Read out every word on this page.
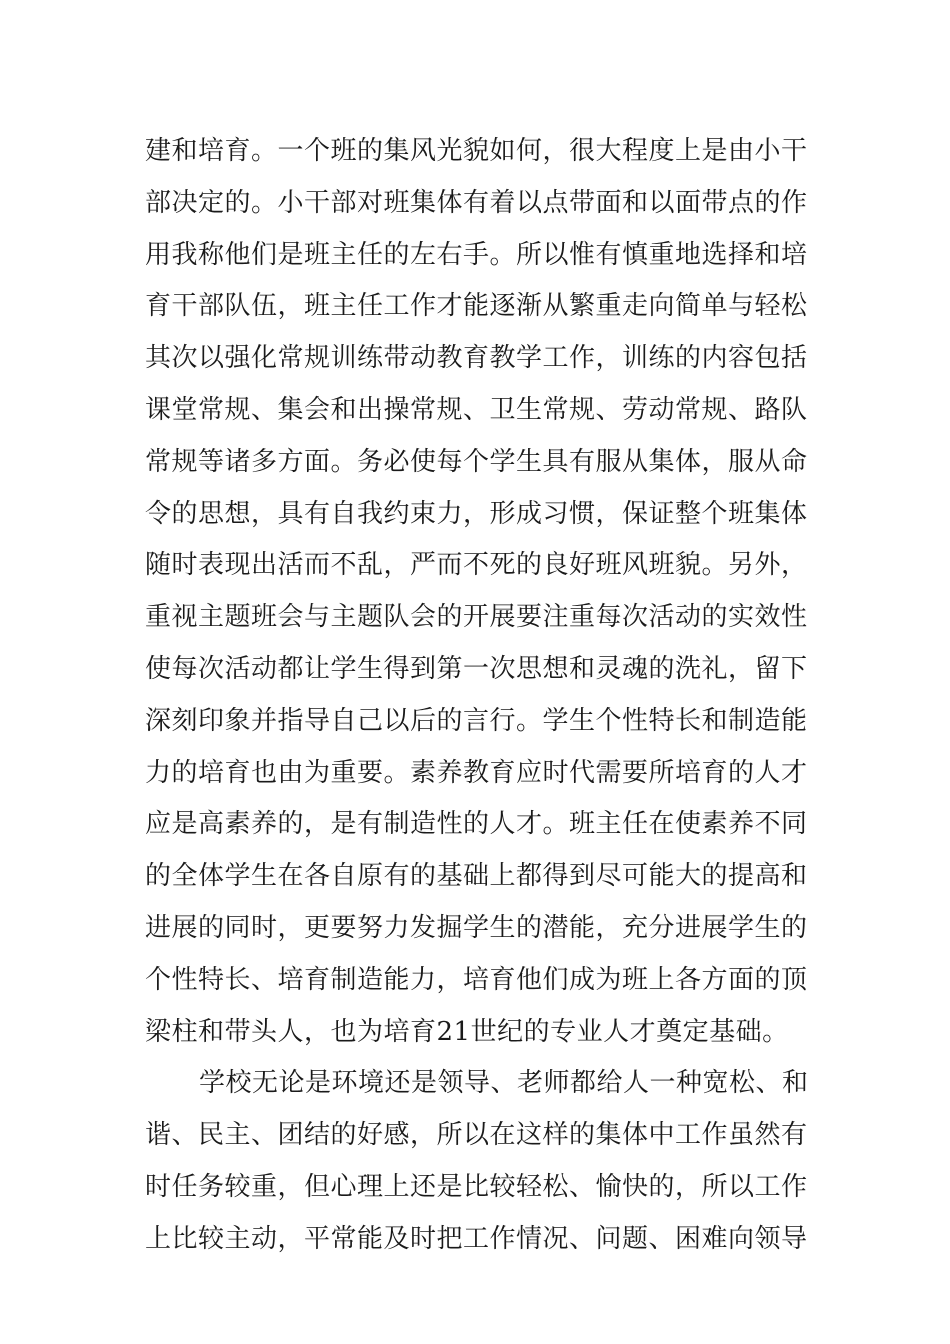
建和培育。一个班的集风光貌如何，很大程度上是由小干
部决定的。小干部对班集体有着以点带面和以面带点的作
用我称他们是班主任的左右手。所以惟有慎重地选择和培
育干部队伍，班主任工作才能逐渐从繁重走向简单与轻松
其次以强化常规训练带动教育教学工作，训练的内容包括
课堂常规、集会和出操常规、卫生常规、劳动常规、路队
常规等诸多方面。务必使每个学生具有服从集体，服从命
令的思想，具有自我约束力，形成习惯，保证整个班集体
随时表现出活而不乱，严而不死的良好班风班貌。另外，
重视主题班会与主题队会的开展要注重每次活动的实效性
使每次活动都让学生得到第一次思想和灵魂的洗礼，留下
深刻印象并指导自己以后的言行。学生个性特长和制造能
力的培育也由为重要。素养教育应时代需要所培育的人才
应是高素养的，是有制造性的人才。班主任在使素养不同
的全体学生在各自原有的基础上都得到尽可能大的提高和
进展的同时，更要努力发掘学生的潜能，充分进展学生的
个性特长、培育制造能力，培育他们成为班上各方面的顶
梁柱和带头人，也为培育21世纪的专业人才奠定基础。
学校无论是环境还是领导、老师都给人一种宽松、和
谐、民主、团结的好感，所以在这样的集体中工作虽然有
时任务较重，但心理上还是比较轻松、愉快的，所以工作
上比较主动，平常能及时把工作情况、问题、困难向领导
